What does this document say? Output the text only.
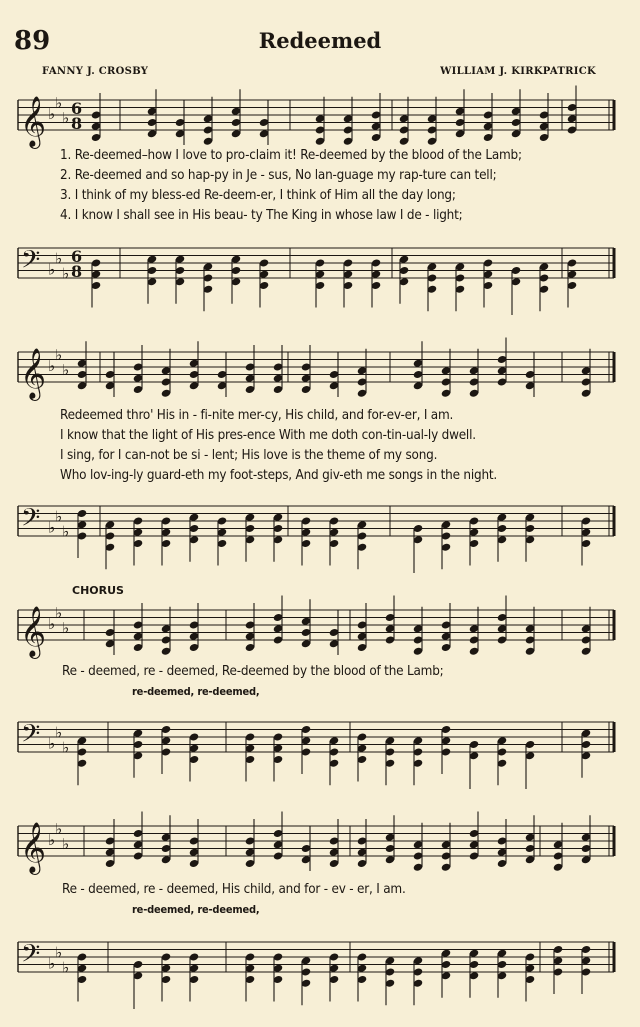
89	Redeemed
FANNY J. CROSBY	WILLIAM J. KIRKPATRICK
𝄞 ♭
♭
♭ 6
8
1. Re-deemed–how I love to pro-claim it! Re-deemed by the blood of the Lamb;
2. Re-deemed and so hap-py in Je - sus, No lan-guage my rap-ture can tell;
3. I think of my bless-ed Re-deem-er, I think of Him all the day long;
4. I know I shall see in His beau- ty The King in whose law I de - light;
𝄢 ♭
♭
♭
6
8
𝄞 ♭
♭
♭
Redeemed thro' His in - fi-nite mer-cy, His child, and for-ev-er, I am.
I know that the light of His pres-ence With me doth con-tin-ual-ly dwell.
I sing, for I can-not be si - lent; His love is the theme of my song.
Who lov-ing-ly guard-eth my foot-steps, And giv-eth me songs in the night.
𝄢 ♭
♭
♭
CHORUS
𝄞 ♭
♭
♭
Re - deemed, re - deemed, Re-deemed by the blood of the Lamb;
re-deemed, re-deemed,
𝄢 ♭
♭
♭
𝄞 ♭
♭
♭
Re - deemed, re - deemed, His child, and for - ev - er, I am.
re-deemed, re-deemed,
𝄢 ♭
♭
♭
